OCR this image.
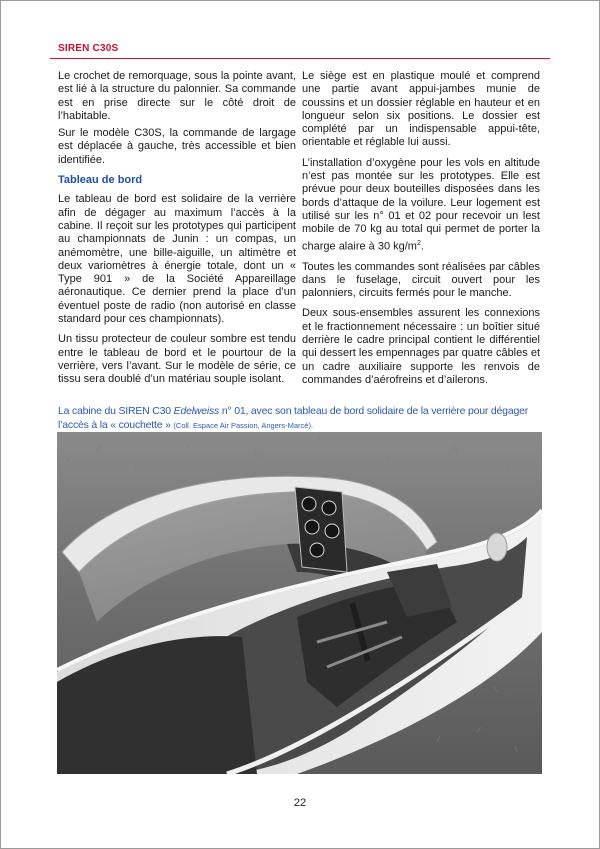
SIREN C30S

Le crochet de remorquage, sous la pointe avant, est lié à la structure du palonnier. Sa commande est en prise directe sur le côté droit de l’habitable.

Sur le modèle C30S, la commande de largage est déplacée à gauche, très accessible et bien identifiée.

Tableau de bord

Le tableau de bord est solidaire de la verrière afin de dégager au maximum l’accès à la cabine. Il reçoit sur les prototypes qui participent au championnats de Junin : un compas, un anémomètre, une bille-aiguille, un altimètre et deux variomètres à énergie totale, dont un « Type 901 » de la Société Appareillage aéronautique. Ce dernier prend la place d’un éventuel poste de radio (non autorisé en classe standard pour ces championnats).

Un tissu protecteur de couleur sombre est tendu entre le tableau de bord et le pourtour de la verrière, vers l’avant. Sur le modèle de série, ce tissu sera doublé d’un matériau souple isolant.

Le siège est en plastique moulé et comprend une partie avant appui-jambes munie de coussins et un dossier réglable en hauteur et en longueur selon six positions. Le dossier est complété par un indispensable appui-tête, orientable et réglable lui aussi.

L’installation d’oxygène pour les vols en altitude n’est pas montée sur les prototypes. Elle est prévue pour deux bouteilles disposées dans les bords d’attaque de la voilure. Leur logement est utilisé sur les n° 01 et 02 pour recevoir un lest mobile de 70 kg au total qui permet de porter la charge alaire à 30 $kg/m^2$.

Toutes les commandes sont réalisées par câbles dans le fuselage, circuit ouvert pour les palonniers, circuits fermés pour le manche.

Deux sous-ensembles assurent les connexions et le fractionnement nécessaire : un boîtier situé derrière le cadre principal contient le différentiel qui dessert les empennages par quatre câbles et un cadre auxiliaire supporte les renvois de commandes d’aérofreins et d’ailerons.

La cabine du SIREN C30 Edelweiss n° 01, avec son tableau de bord solidaire de la verrière pour dégager l’accès à la « couchette » (Coll. Espace Air Passion, Angers-Marcé).
22
